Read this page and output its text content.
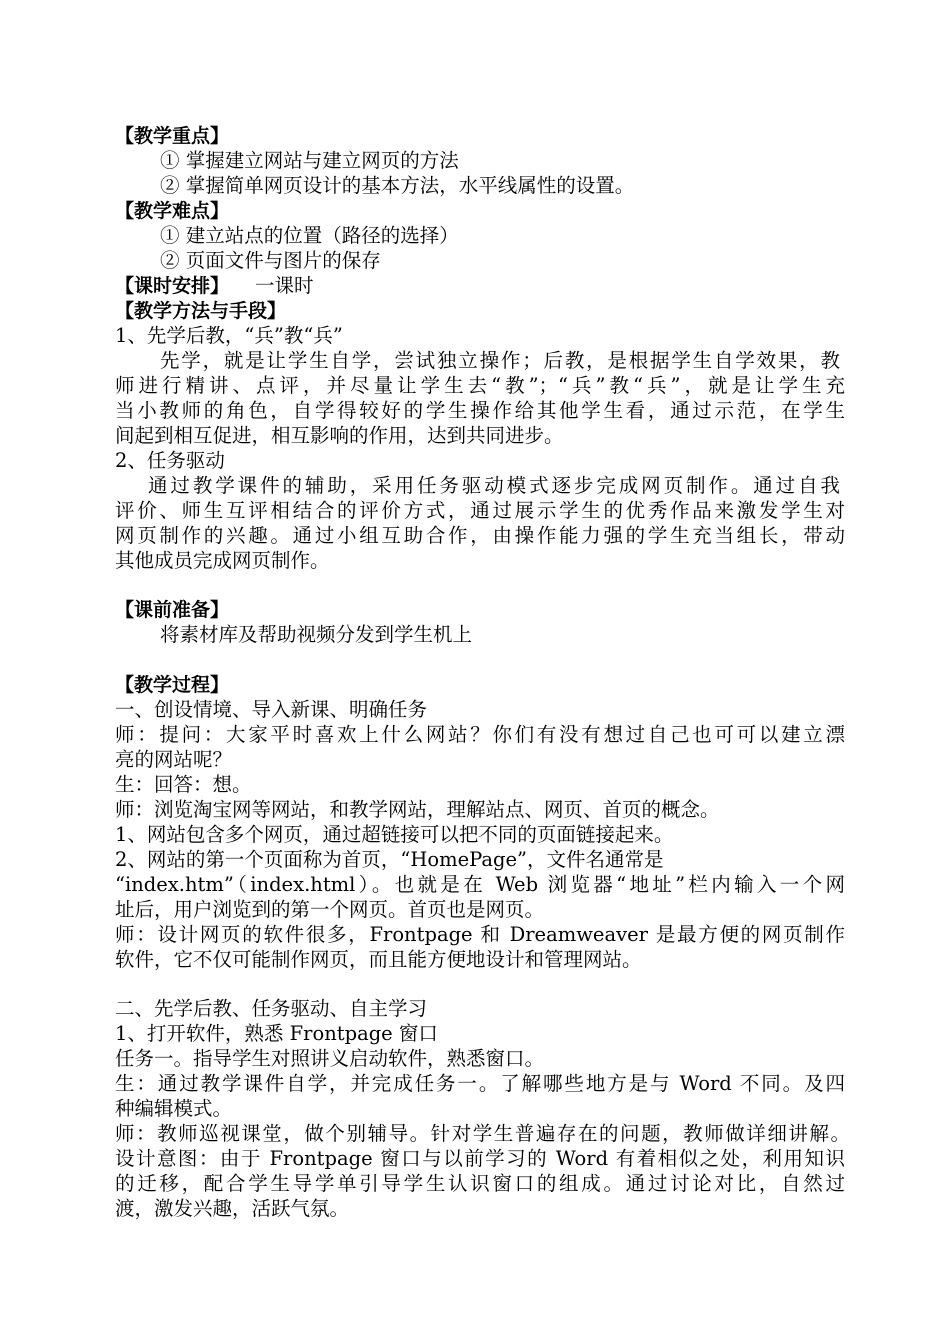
【教学重点】
① 掌握建立网站与建立网页的方法
② 掌握简单网页设计的基本方法，水平线属性的设置。
【教学难点】
① 建立站点的位置（路径的选择）
② 页面文件与图片的保存
【课时安排】 一课时
【教学方法与手段】
1、先学后教，“兵”教“兵”
先学，就是让学生自学，尝试独立操作；后教，是根据学生自学效果，教
师进行精讲、点评，并尽量让学生去“教”；“兵”教“兵”，就是让学生充
当小教师的角色，自学得较好的学生操作给其他学生看，通过示范，在学生
间起到相互促进，相互影响的作用，达到共同进步。
2、任务驱动
通过教学课件的辅助，采用任务驱动模式逐步完成网页制作。通过自我
评价、师生互评相结合的评价方式，通过展示学生的优秀作品来激发学生对
网页制作的兴趣。通过小组互助合作，由操作能力强的学生充当组长，带动
其他成员完成网页制作。
【课前准备】
将素材库及帮助视频分发到学生机上
【教学过程】
一、创设情境、导入新课、明确任务
师：提问：大家平时喜欢上什么网站？你们有没有想过自己也可可以建立漂
亮的网站呢？
生：回答：想。
师：浏览淘宝网等网站，和教学网站，理解站点、网页、首页的概念。
1、网站包含多个网页，通过超链接可以把不同的页面链接起来。
2、网站的第一个页面称为首页，“HomePage”，文件名通常是
“index.htm”（index.html）。也就是在 Web 浏览器“地址”栏内输入一个网
址后，用户浏览到的第一个网页。首页也是网页。
师：设计网页的软件很多，Frontpage 和 Dreamweaver 是最方便的网页制作
软件，它不仅可能制作网页，而且能方便地设计和管理网站。
二、先学后教、任务驱动、自主学习
1、打开软件，熟悉 Frontpage 窗口
任务一。指导学生对照讲义启动软件，熟悉窗口。
生：通过教学课件自学，并完成任务一。了解哪些地方是与 Word 不同。及四
种编辑模式。
师：教师巡视课堂，做个别辅导。针对学生普遍存在的问题，教师做详细讲解。
设计意图：由于 Frontpage 窗口与以前学习的 Word 有着相似之处，利用知识
的迁移，配合学生导学单引导学生认识窗口的组成。通过讨论对比，自然过
渡，激发兴趣，活跃气氛。
